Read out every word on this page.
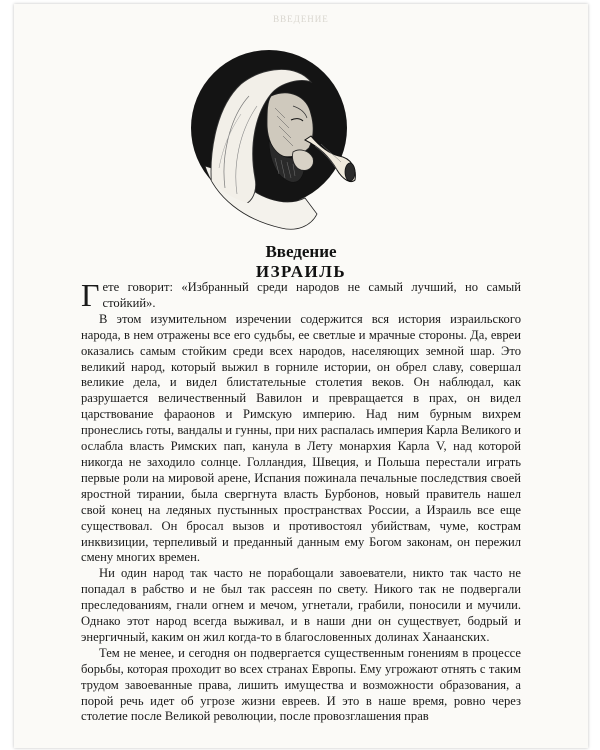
ВВЕДЕНИЕ
Введение
ИЗРАИЛЬ

Гете говорит: «Избранный среди народов не самый лучший, но самый стойкий».

В этом изумительном изречении содержится вся история израильского народа, в нем отражены все его судьбы, ее светлые и мрачные стороны. Да, евреи оказались самым стойким среди всех народов, населяющих земной шар. Это великий народ, который выжил в горниле истории, он обрел славу, совершал великие дела, и видел блистательные столетия веков. Он наблюдал, как разрушается величественный Вавилон и превращается в прах, он видел царствование фараонов и Римскую империю. Над ним бурным вихрем пронеслись готы, вандалы и гунны, при них распалась империя Карла Великого и ослабла власть Римских пап, канула в Лету монархия Карла V, над которой никогда не заходило солнце. Голландия, Швеция, и Польша перестали играть первые роли на мировой арене, Испания пожинала печальные последствия своей яростной тирании, была свергнута власть Бурбонов, новый правитель нашел свой конец на ледяных пустынных пространствах России, а Израиль все еще существовал. Он бросал вызов и противостоял убийствам, чуме, кострам инквизиции, терпеливый и преданный данным ему Богом законам, он пережил смену многих времен.

Ни один народ так часто не порабощали завоеватели, никто так часто не попадал в рабство и не был так рассеян по свету. Никого так не подвергали преследованиям, гнали огнем и мечом, угнетали, грабили, поносили и мучили. Однако этот народ всегда выживал, и в наши дни он существует, бодрый и энергичный, каким он жил когда-то в благословенных долинах Ханаанских.

Тем не менее, и сегодня он подвергается существенным гонениям в процессе борьбы, которая проходит во всех странах Европы. Ему угрожают отнять с таким трудом завоеванные права, лишить имущества и возможности образования, а порой речь идет об угрозе жизни евреев. И это в наше время, ровно через столетие после Великой революции, после провозглашения прав
